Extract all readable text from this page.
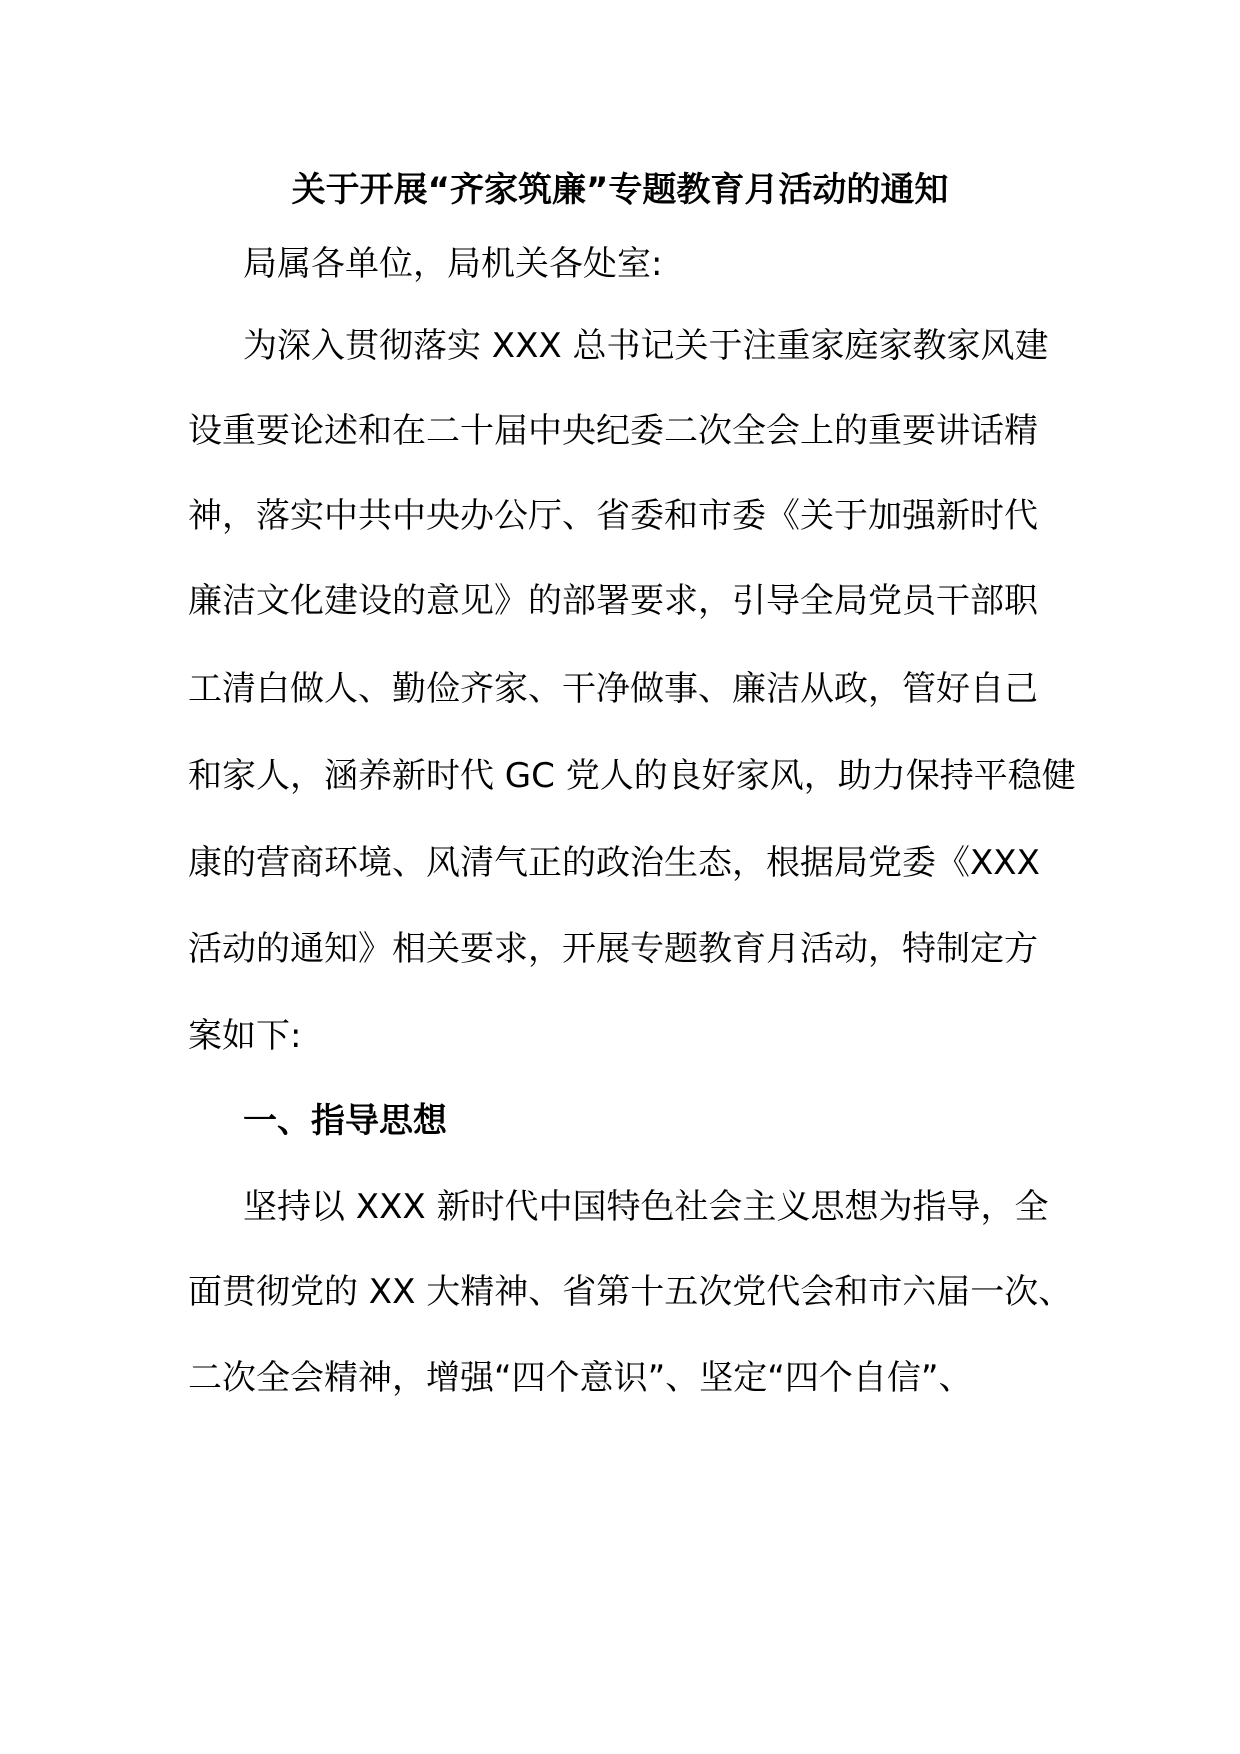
关于开展“齐家筑廉”专题教育月活动的通知
局属各单位，局机关各处室:
为深入贯彻落实 XXX 总书记关于注重家庭家教家风建
设重要论述和在二十届中央纪委二次全会上的重要讲话精
神，落实中共中央办公厅、省委和市委《关于加强新时代
廉洁文化建设的意见》的部署要求，引导全局党员干部职
工清白做人、勤俭齐家、干净做事、廉洁从政，管好自己
和家人，涵养新时代 GC 党人的良好家风，助力保持平稳健
康的营商环境、风清气正的政治生态，根据局党委《XXX
活动的通知》相关要求，开展专题教育月活动，特制定方
案如下:
一、指导思想
坚持以 XXX 新时代中国特色社会主义思想为指导，全
面贯彻党的 XX 大精神、省第十五次党代会和市六届一次、
二次全会精神，增强“四个意识”、坚定“四个自信”、
